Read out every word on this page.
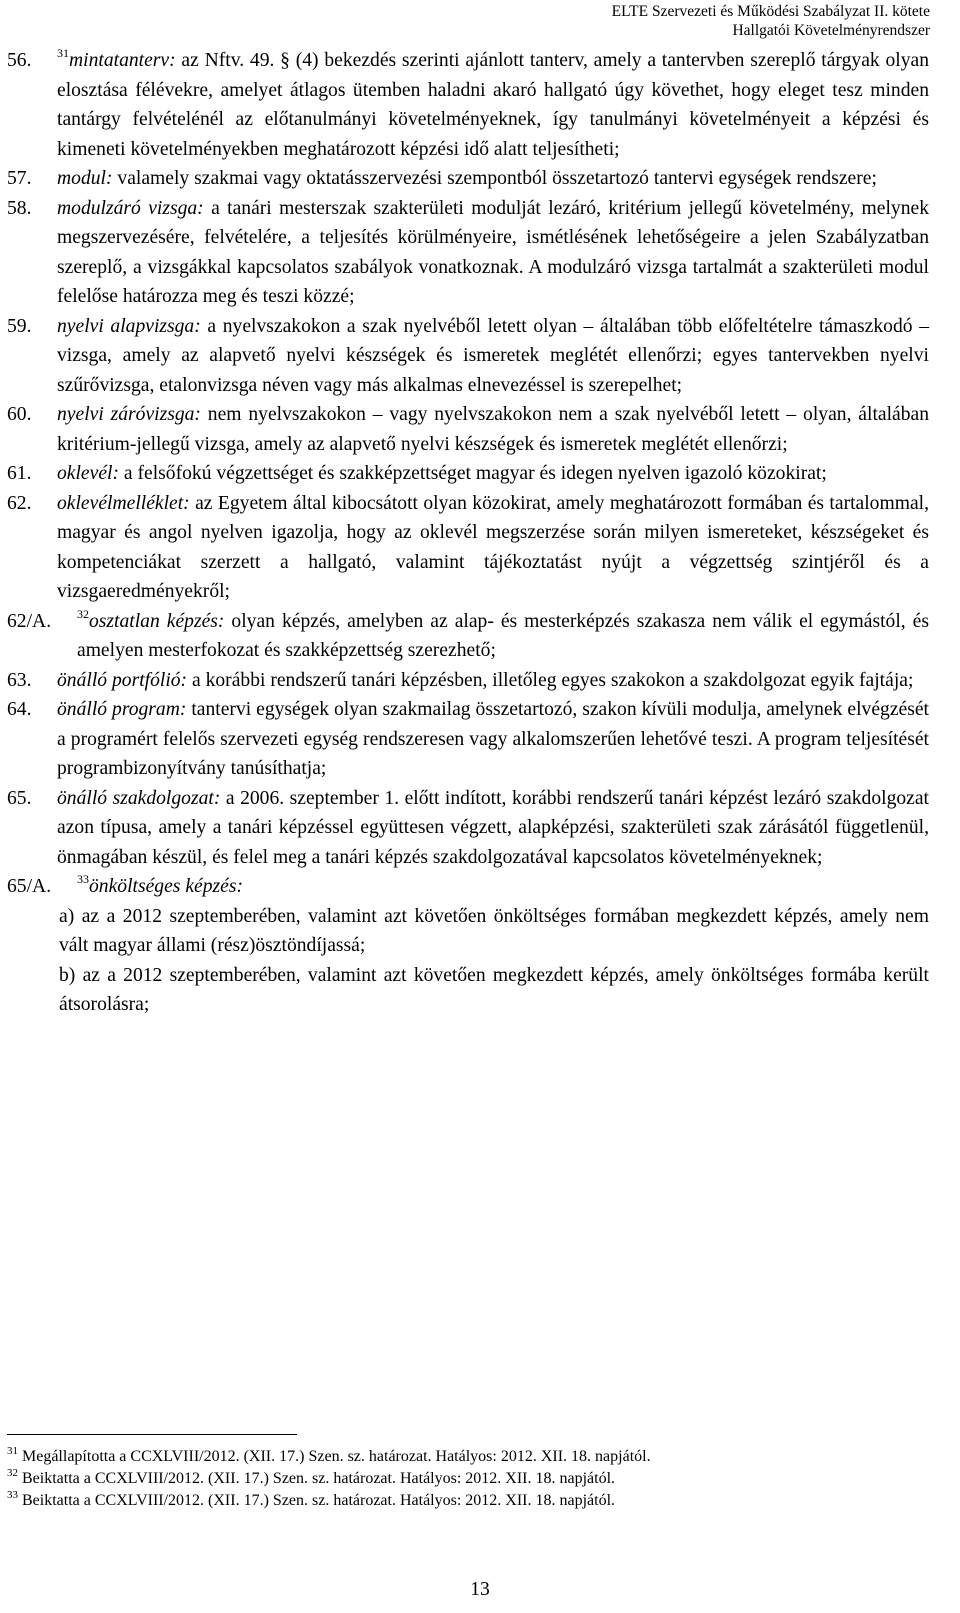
ELTE Szervezeti és Működési Szabályzat II. kötete
Hallgatói Követelményrendszer
56.	$^{31}$mintatanterv: az Nftv. 49. § (4) bekezdés szerinti ajánlott tanterv, amely a tantervben szereplő tárgyak olyan elosztása félévekre, amelyet átlagos ütemben haladni akaró hallgató úgy követhet, hogy eleget tesz minden tantárgy felvételénél az előtanulmányi követelményeknek, így tanulmányi követelményeit a képzési és kimeneti követelményekben meghatározott képzési idő alatt teljesítheti;
57.	modul: valamely szakmai vagy oktatásszervezési szempontból összetartozó tantervi egységek rendszere;
58.	modulzáró vizsga: a tanári mesterszak szakterületi modulját lezáró, kritérium jellegű követelmény, melynek megszervezésére, felvételére, a teljesítés körülményeire, ismétlésének lehetőségeire a jelen Szabályzatban szereplő, a vizsgákkal kapcsolatos szabályok vonatkoznak. A modulzáró vizsga tartalmát a szakterületi modul felelőse határozza meg és teszi közzé;
59.	nyelvi alapvizsga: a nyelvszakokon a szak nyelvéből letett olyan – általában több előfeltételre támaszkodó – vizsga, amely az alapvető nyelvi készségek és ismeretek meglétét ellenőrzi; egyes tantervekben nyelvi szűrővizsga, etalonvizsga néven vagy más alkalmas elnevezéssel is szerepelhet;
60.	nyelvi záróvizsga: nem nyelvszakokon – vagy nyelvszakokon nem a szak nyelvéből letett – olyan, általában kritérium-jellegű vizsga, amely az alapvető nyelvi készségek és ismeretek meglétét ellenőrzi;
61.	oklevél: a felsőfokú végzettséget és szakképzettséget magyar és idegen nyelven igazoló közokirat;
62.	oklevélmelléklet: az Egyetem által kibocsátott olyan közokirat, amely meghatározott formában és tartalommal, magyar és angol nyelven igazolja, hogy az oklevél megszerzése során milyen ismereteket, készségeket és kompetenciákat szerzett a hallgató, valamint tájékoztatást nyújt a végzettség szintjéről és a vizsgaeredményekről;
62/A.	$^{32}$osztatlan képzés: olyan képzés, amelyben az alap- és mesterképzés szakasza nem válik el egymástól, és amelyen mesterfokozat és szakképzettség szerezhető;
63.	önálló portfólió: a korábbi rendszerű tanári képzésben, illetőleg egyes szakokon a szakdolgozat egyik fajtája;
64.	önálló program: tantervi egységek olyan szakmailag összetartozó, szakon kívüli modulja, amelynek elvégzését a programért felelős szervezeti egység rendszeresen vagy alkalomszerűen lehetővé teszi. A program teljesítését programbizonyítvány tanúsíthatja;
65.	önálló szakdolgozat: a 2006. szeptember 1. előtt indított, korábbi rendszerű tanári képzést lezáró szakdolgozat azon típusa, amely a tanári képzéssel együttesen végzett, alapképzési, szakterületi szak zárásától függetlenül, önmagában készül, és felel meg a tanári képzés szakdolgozatával kapcsolatos követelményeknek;
65/A.	$^{33}$önköltséges képzés:
a) az a 2012 szeptemberében, valamint azt követően önköltséges formában megkezdett képzés, amely nem vált magyar állami (rész)ösztöndíjassá;
b) az a 2012 szeptemberében, valamint azt követően megkezdett képzés, amely önköltséges formába került átsorolásra;
$^{31}$ Megállapította a CCXLVIII/2012. (XII. 17.) Szen. sz. határozat. Hatályos: 2012. XII. 18. napjától.
$^{32}$ Beiktatta a CCXLVIII/2012. (XII. 17.) Szen. sz. határozat. Hatályos: 2012. XII. 18. napjától.
$^{33}$ Beiktatta a CCXLVIII/2012. (XII. 17.) Szen. sz. határozat. Hatályos: 2012. XII. 18. napjától.
13
